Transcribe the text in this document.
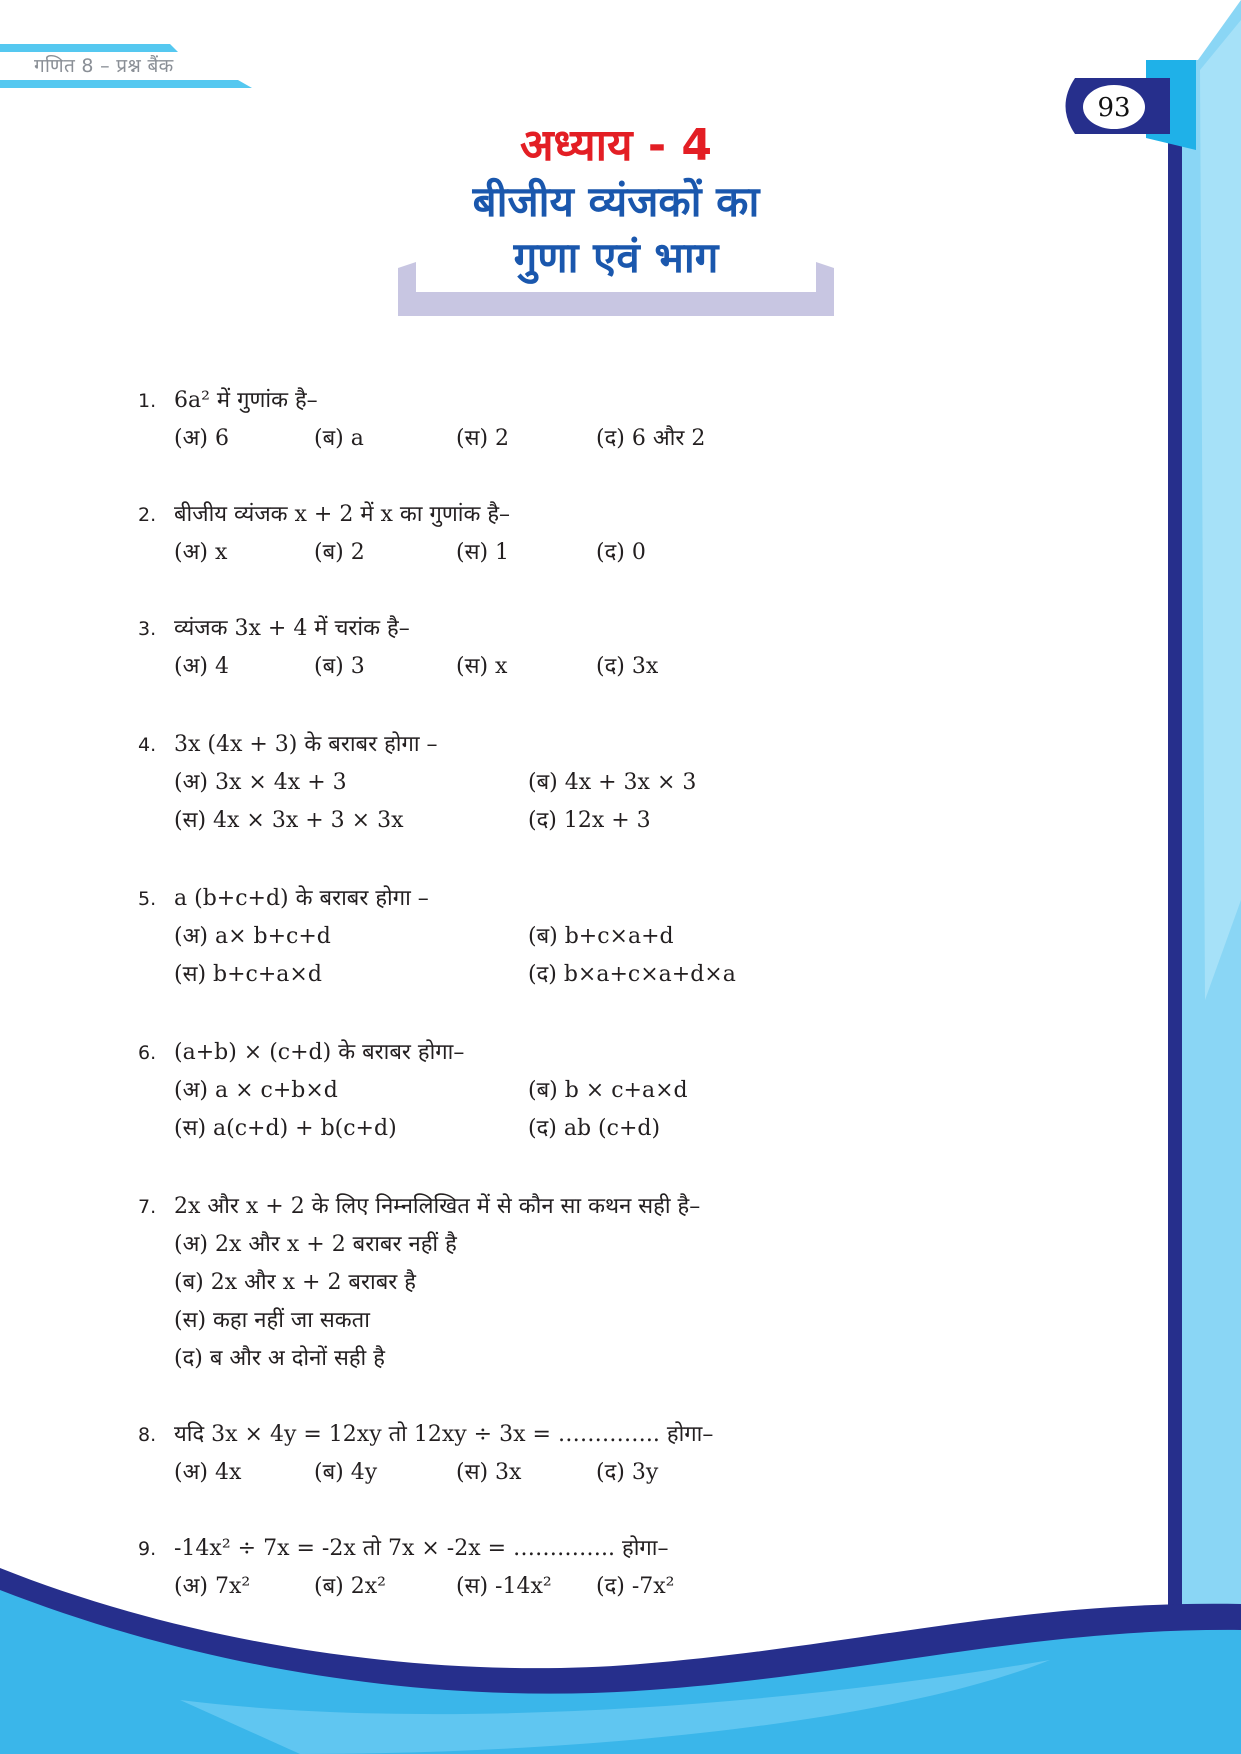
गणित 8 – प्रश्न बैंक
93
अध्याय - 4
बीजीय व्यंजकों का
गुणा एवं भाग
1. 6a² में गुणांक है–
(अ) 6	(ब) a	(स) 2	(द) 6 और 2
2. बीजीय व्यंजक x + 2 में x का गुणांक है–
(अ) x	(ब) 2	(स) 1	(द) 0
3. व्यंजक 3x + 4 में चरांक है–
(अ) 4	(ब) 3	(स) x	(द) 3x
4. 3x (4x + 3) के बराबर होगा –
(अ) 3x × 4x + 3	(ब) 4x + 3x × 3
(स) 4x × 3x + 3 × 3x	(द) 12x + 3
5. a (b+c+d) के बराबर होगा –
(अ) a× b+c+d	(ब) b+c×a+d
(स) b+c+a×d	(द) b×a+c×a+d×a
6. (a+b) × (c+d) के बराबर होगा–
(अ) a × c+b×d	(ब) b × c+a×d
(स) a(c+d) + b(c+d)	(द) ab (c+d)
7. 2x और x + 2 के लिए निम्नलिखित में से कौन सा कथन सही है–
(अ) 2x और x + 2 बराबर नहीं है
(ब) 2x और x + 2 बराबर है
(स) कहा नहीं जा सकता
(द) ब और अ दोनों सही है
8. यदि 3x × 4y = 12xy तो 12xy ÷ 3x = ………….. होगा–
(अ) 4x	(ब) 4y	(स) 3x	(द) 3y
9. -14x² ÷ 7x = -2x तो 7x × -2x = ………….. होगा–
(अ) 7x²	(ब) 2x²	(स) -14x² (द) -7x²
